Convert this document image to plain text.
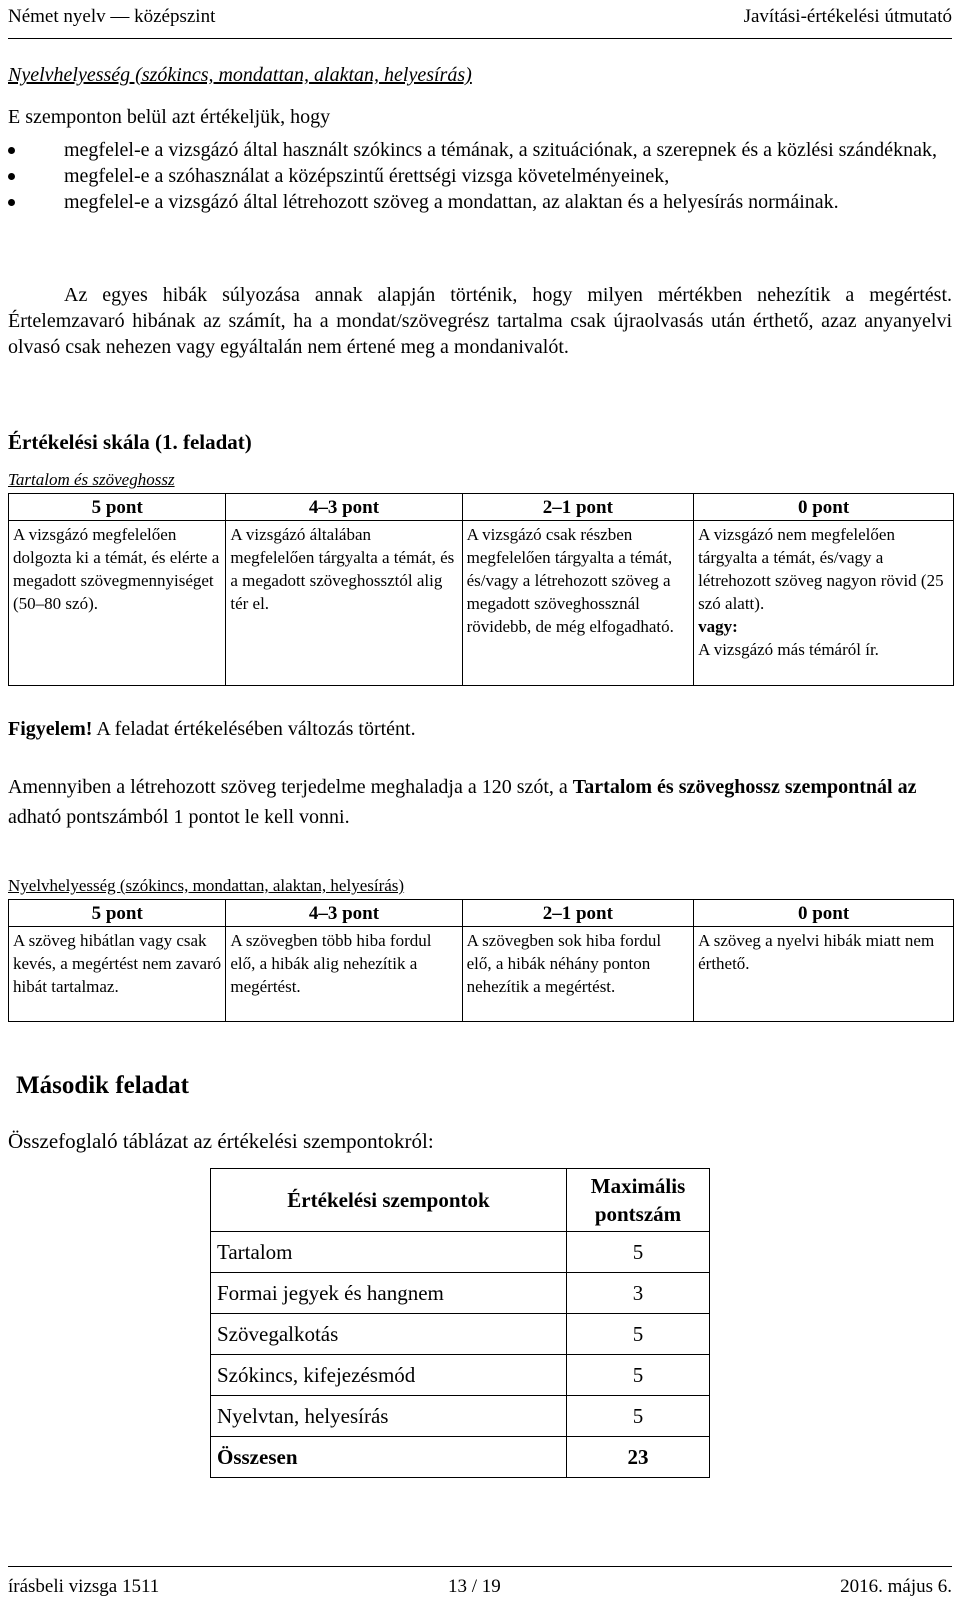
Német nyelv — középszint	Javítási-értékelési útmutató
Nyelvhelyesség (szókincs, mondattan, alaktan, helyesírás)
E szemponton belül azt értékeljük, hogy
megfelel-e a vizsgázó által használt szókincs a témának, a szituációnak, a szerepnek és a közlési szándéknak,
megfelel-e a szóhasználat a középszintű érettségi vizsga követelményeinek,
megfelel-e a vizsgázó által létrehozott szöveg a mondattan, az alaktan és a helyesírás normáinak.
Az egyes hibák súlyozása annak alapján történik, hogy milyen mértékben nehezítik a megértést. Értelemzavaró hibának az számít, ha a mondat/szövegrész tartalma csak újraolvasás után érthető, azaz anyanyelvi olvasó csak nehezen vagy egyáltalán nem értené meg a mondanivalót.
Értékelési skála (1. feladat)
Tartalom és szöveghossz
5 pont	4–3 pont	2–1 pont	0 pont
A vizsgázó megfelelően dolgozta ki a témát, és elérte a megadott szövegmennyiséget (50–80 szó).	A vizsgázó általában megfelelően tárgyalta a témát, és a megadott szöveghossztól alig tér el.	A vizsgázó csak részben megfelelően tárgyalta a témát, és/vagy a létrehozott szöveg a megadott szöveghossznál rövidebb, de még elfogadható.	A vizsgázó nem megfelelően tárgyalta a témát, és/vagy a létrehozott szöveg nagyon rövid (25 szó alatt).
vagy:
A vizsgázó más témáról ír.
Figyelem! A feladat értékelésében változás történt.
Amennyiben a létrehozott szöveg terjedelme meghaladja a 120 szót, a Tartalom és szöveghossz szempontnál az adható pontszámból 1 pontot le kell vonni.
Nyelvhelyesség (szókincs, mondattan, alaktan, helyesírás)
5 pont	4–3 pont	2–1 pont	0 pont
A szöveg hibátlan vagy csak kevés, a megértést nem zavaró hibát tartalmaz.	A szövegben több hiba fordul elő, a hibák alig nehezítik a megértést.	A szövegben sok hiba fordul elő, a hibák néhány ponton nehezítik a megértést.	A szöveg a nyelvi hibák miatt nem érthető.
Második feladat
Összefoglaló táblázat az értékelési szempontokról:
Értékelési szempontok	Maximális pontszám
Tartalom	5
Formai jegyek és hangnem	3
Szövegalkotás	5
Szókincs, kifejezésmód	5
Nyelvtan, helyesírás	5
Összesen	23
írásbeli vizsga 1511	13 / 19	2016. május 6.
